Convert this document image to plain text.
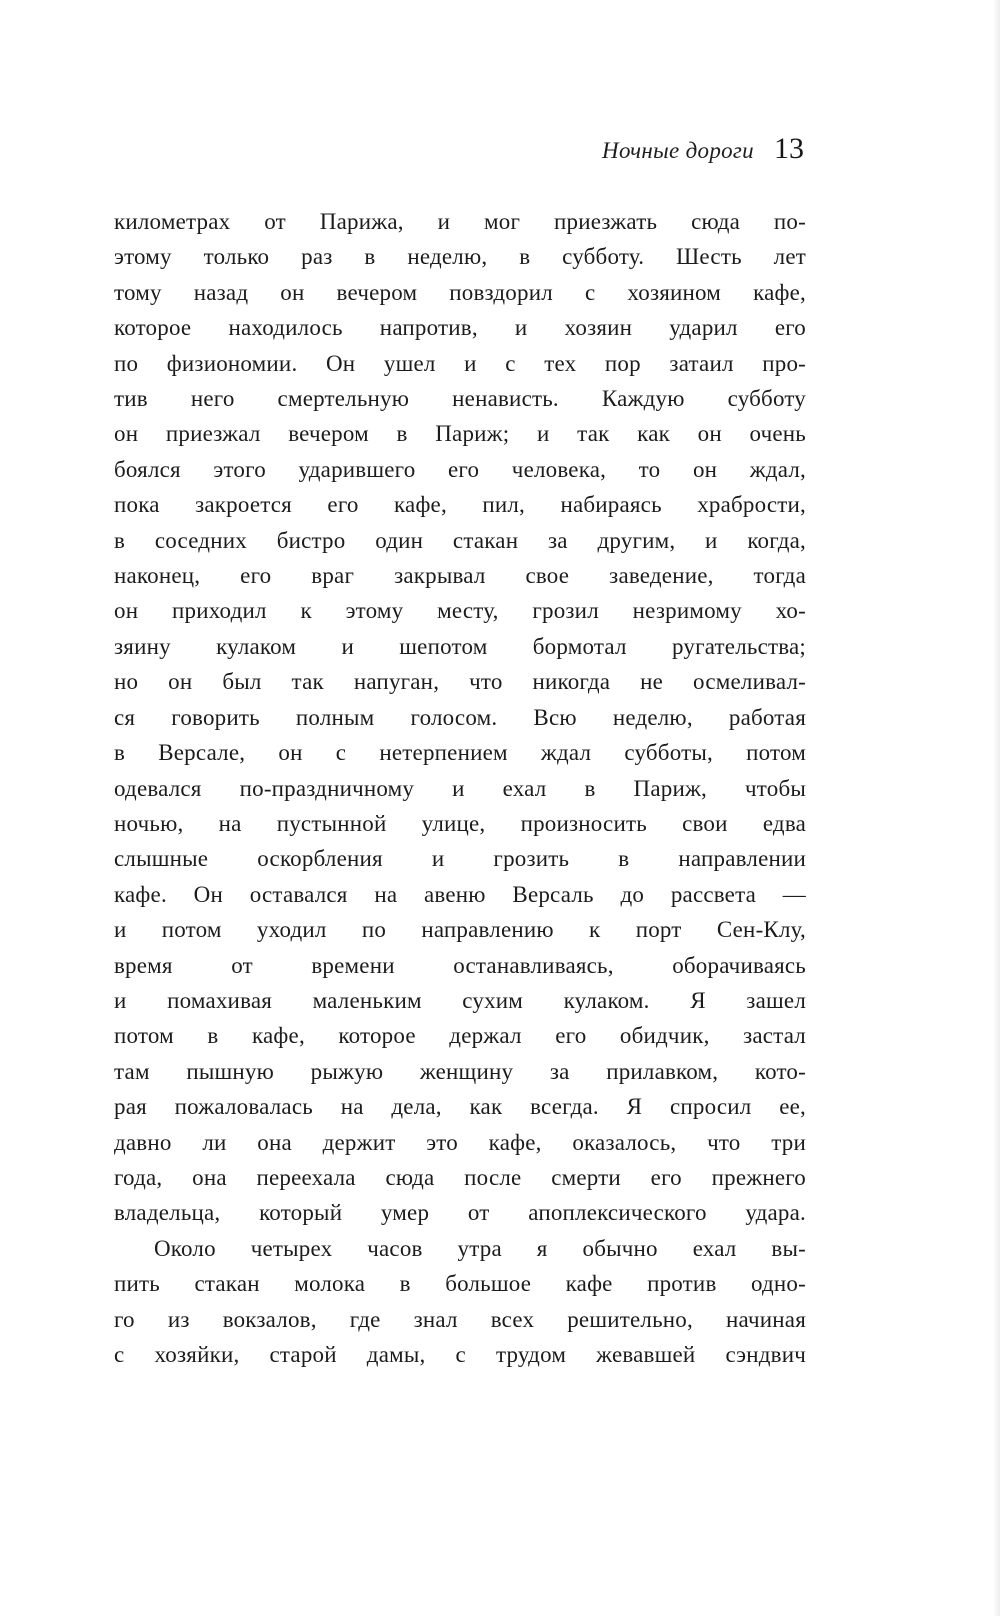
Ночные дороги 13
километрах от Парижа, и мог приезжать сюда по-
этому только раз в неделю, в субботу. Шесть лет
тому назад он вечером повздорил с хозяином кафе,
которое находилось напротив, и хозяин ударил его
по физиономии. Он ушел и с тех пор затаил про-
тив него смертельную ненависть. Каждую субботу
он приезжал вечером в Париж; и так как он очень
боялся этого ударившего его человека, то он ждал,
пока закроется его кафе, пил, набираясь храбрости,
в соседних бистро один стакан за другим, и когда,
наконец, его враг закрывал свое заведение, тогда
он приходил к этому месту, грозил незримому хо-
зяину кулаком и шепотом бормотал ругательства;
но он был так напуган, что никогда не осмеливал-
ся говорить полным голосом. Всю неделю, работая
в Версале, он с нетерпением ждал субботы, потом
одевался по-праздничному и ехал в Париж, чтобы
ночью, на пустынной улице, произносить свои едва
слышные оскорбления и грозить в направлении
кафе. Он оставался на авеню Версаль до рассвета —
и потом уходил по направлению к порт Сен-Клу,
время от времени останавливаясь, оборачиваясь
и помахивая маленьким сухим кулаком. Я зашел
потом в кафе, которое держал его обидчик, застал
там пышную рыжую женщину за прилавком, кото-
рая пожаловалась на дела, как всегда. Я спросил ее,
давно ли она держит это кафе, оказалось, что три
года, она переехала сюда после смерти его прежнего
владельца, который умер от апоплексического удара.
Около четырех часов утра я обычно ехал вы-
пить стакан молока в большое кафе против одно-
го из вокзалов, где знал всех решительно, начиная
с хозяйки, старой дамы, с трудом жевавшей сэндвич
